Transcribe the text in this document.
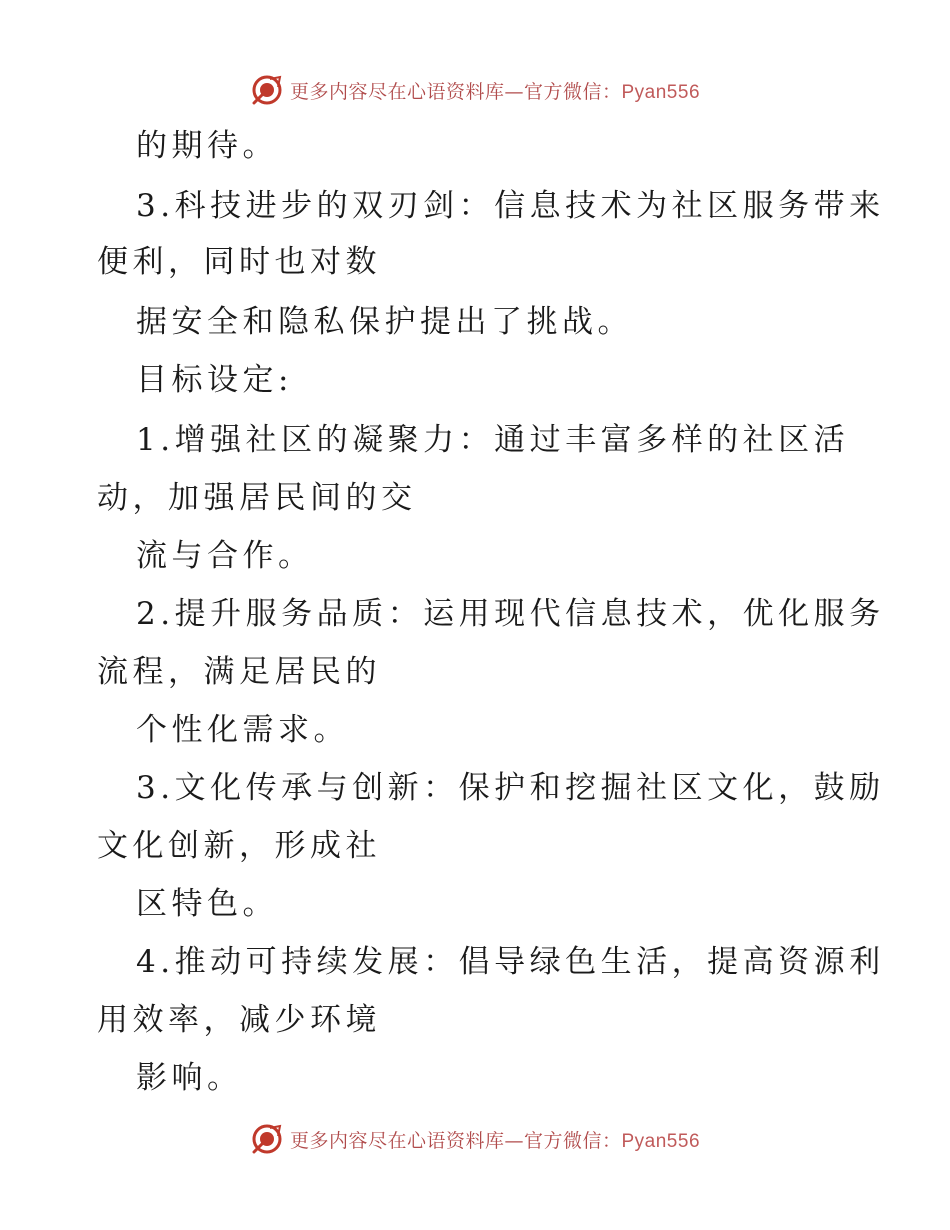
更多内容尽在心语资料库—官方微信：Pyan556
的期待。
3.科技进步的双刃剑：信息技术为社区服务带来
便利，同时也对数
据安全和隐私保护提出了挑战。
目标设定:
1.增强社区的凝聚力：通过丰富多样的社区活
动，加强居民间的交
流与合作。
2.提升服务品质：运用现代信息技术，优化服务
流程，满足居民的
个性化需求。
3.文化传承与创新：保护和挖掘社区文化，鼓励
文化创新，形成社
区特色。
4.推动可持续发展：倡导绿色生活，提高资源利
用效率，减少环境
影响。
更多内容尽在心语资料库—官方微信：Pyan556
